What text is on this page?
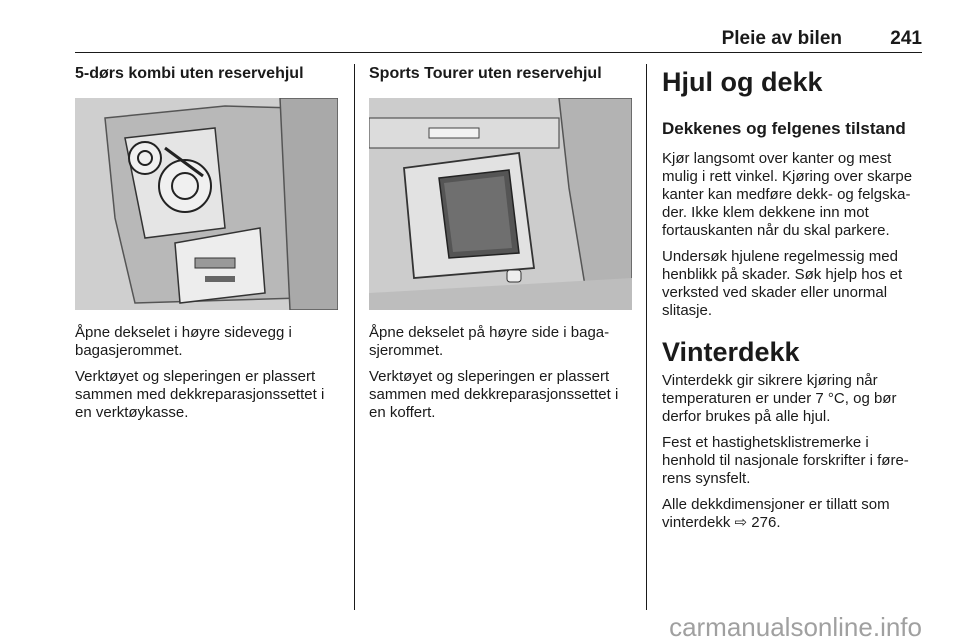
Pleie av bilen	241
5-dørs kombi uten reservehjul

Åpne dekselet i høyre sidevegg i bagasjerommet.

Verktøyet og sleperingen er plassert sammen med dekkreparasjonssettet i en verktøykasse.

Sports Tourer uten reservehjul

Åpne dekselet på høyre side i baga-sjerommet.

Verktøyet og sleperingen er plassert sammen med dekkreparasjonssettet i en koffert.

Hjul og dekk
Dekkenes og felgenes tilstand

Kjør langsomt over kanter og mest mulig i rett vinkel. Kjøring over skarpe kanter kan medføre dekk- og felgska-der. Ikke klem dekkene inn mot fortauskanten når du skal parkere.

Undersøk hjulene regelmessig med henblikk på skader. Søk hjelp hos et verksted ved skader eller unormal slitasje.

Vinterdekk

Vinterdekk gir sikrere kjøring når temperaturen er under 7 °C, og bør derfor brukes på alle hjul.

Fest et hastighetsklistremerke i henhold til nasjonale forskrifter i føre-rens synsfelt.

Alle dekkdimensjoner er tillatt som vinterdekk ⇨ 276.

carmanualsonline.info
